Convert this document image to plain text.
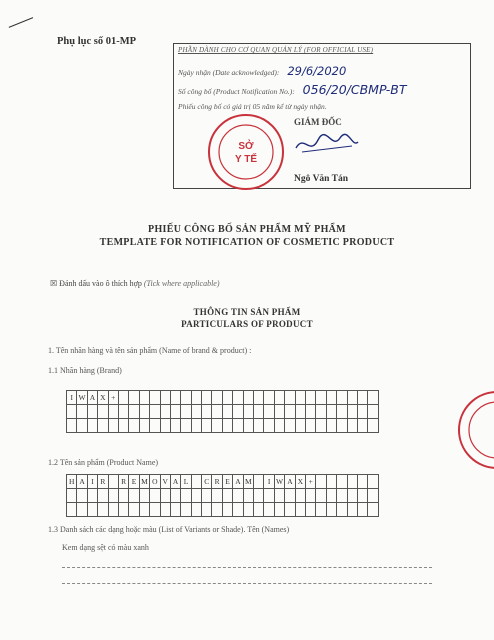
Phụ lục số 01-MP
PHẦN DÀNH CHO CƠ QUAN QUẢN LÝ (FOR OFFICIAL USE)
Ngày nhận (Date acknowledged): 29/6/2020
Số công bố (Product Notification No.): 056/20/CBMP-BT
Phiếu công bố có giá trị 05 năm kể từ ngày nhận.
GIÁM ĐỐC
Ngô Văn Tán
SỞ
Y TẾ
PHIẾU CÔNG BỐ SẢN PHẨM MỸ PHẨM
TEMPLATE FOR NOTIFICATION OF COSMETIC PRODUCT
☒ Đánh dấu vào ô thích hợp (Tick where applicable)
THÔNG TIN SẢN PHẨM
PARTICULARS OF PRODUCT
1. Tên nhãn hàng và tên sản phẩm (Name of brand & product) :
1.1 Nhãn hàng (Brand)
I	W	A	X	+																									

1.2 Tên sản phẩm (Product Name)
H	A	I	R		R	E	M	O	V	A	L		C	R	E	A	M		I	W	A	X	+						

1.3 Danh sách các dạng hoặc màu (List of Variants or Shade). Tên (Names)
Kem dạng sệt có màu xanh
